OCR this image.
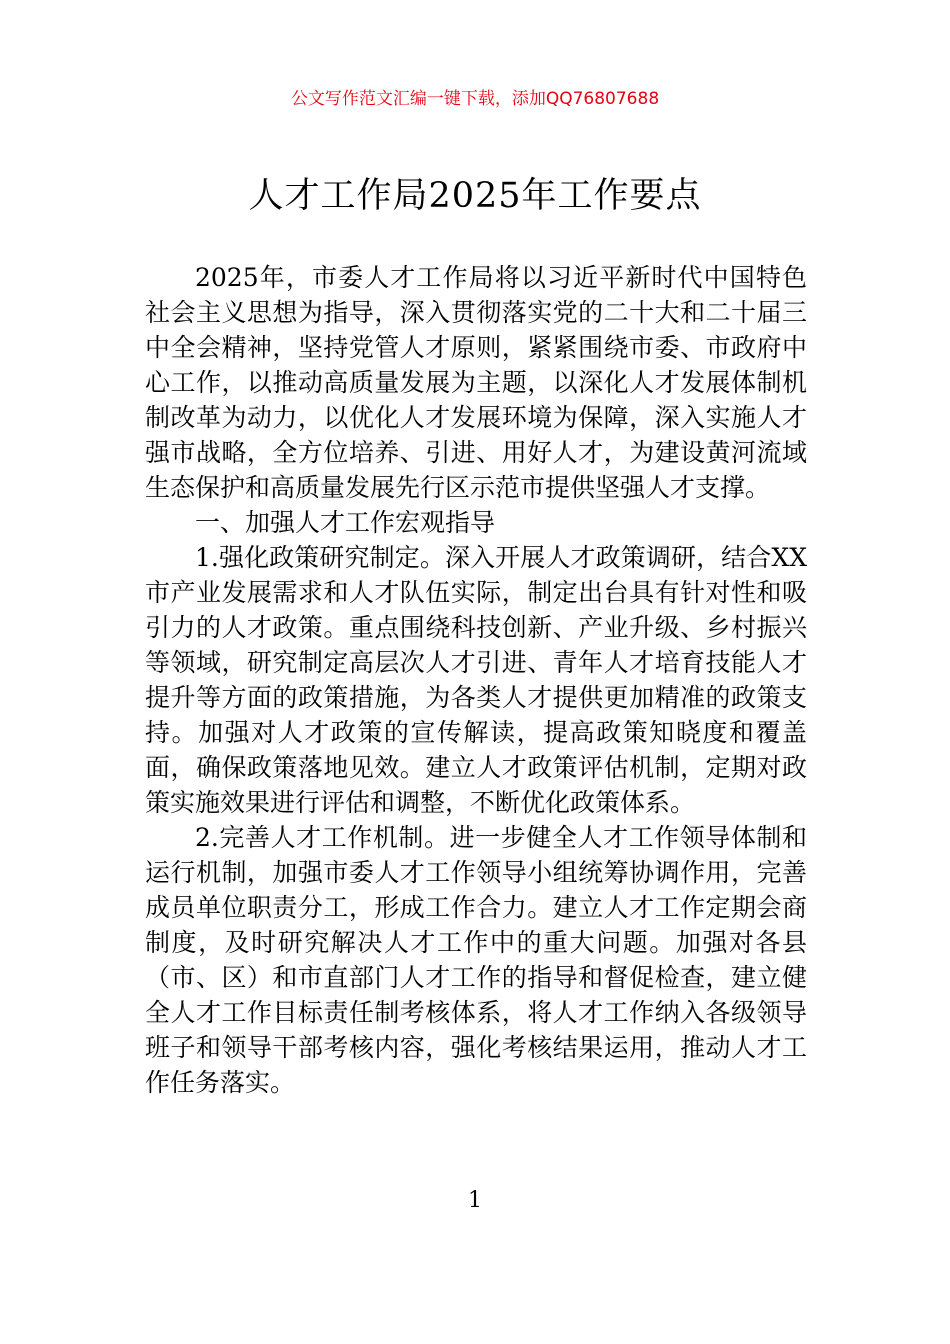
公文写作范文汇编一键下载，添加QQ76807688
人才工作局2025年工作要点

2025年，市委人才工作局将以习近平新时代中国特色社会主义思想为指导，深入贯彻落实党的二十大和二十届三中全会精神，坚持党管人才原则，紧紧围绕市委、市政府中心工作，以推动高质量发展为主题，以深化人才发展体制机制改革为动力，以优化人才发展环境为保障，深入实施人才强市战略，全方位培养、引进、用好人才，为建设黄河流域生态保护和高质量发展先行区示范市提供坚强人才支撑。

一、加强人才工作宏观指导

1.强化政策研究制定。深入开展人才政策调研，结合XX市产业发展需求和人才队伍实际，制定出台具有针对性和吸引力的人才政策。重点围绕科技创新、产业升级、乡村振兴等领域，研究制定高层次人才引进、青年人才培育技能人才提升等方面的政策措施，为各类人才提供更加精准的政策支持。加强对人才政策的宣传解读，提高政策知晓度和覆盖面，确保政策落地见效。建立人才政策评估机制，定期对政策实施效果进行评估和调整，不断优化政策体系。

2.完善人才工作机制。进一步健全人才工作领导体制和运行机制，加强市委人才工作领导小组统筹协调作用，完善成员单位职责分工，形成工作合力。建立人才工作定期会商制度，及时研究解决人才工作中的重大问题。加强对各县（市、区）和市直部门人才工作的指导和督促检查，建立健全人才工作目标责任制考核体系，将人才工作纳入各级领导班子和领导干部考核内容，强化考核结果运用，推动人才工作任务落实。

1
